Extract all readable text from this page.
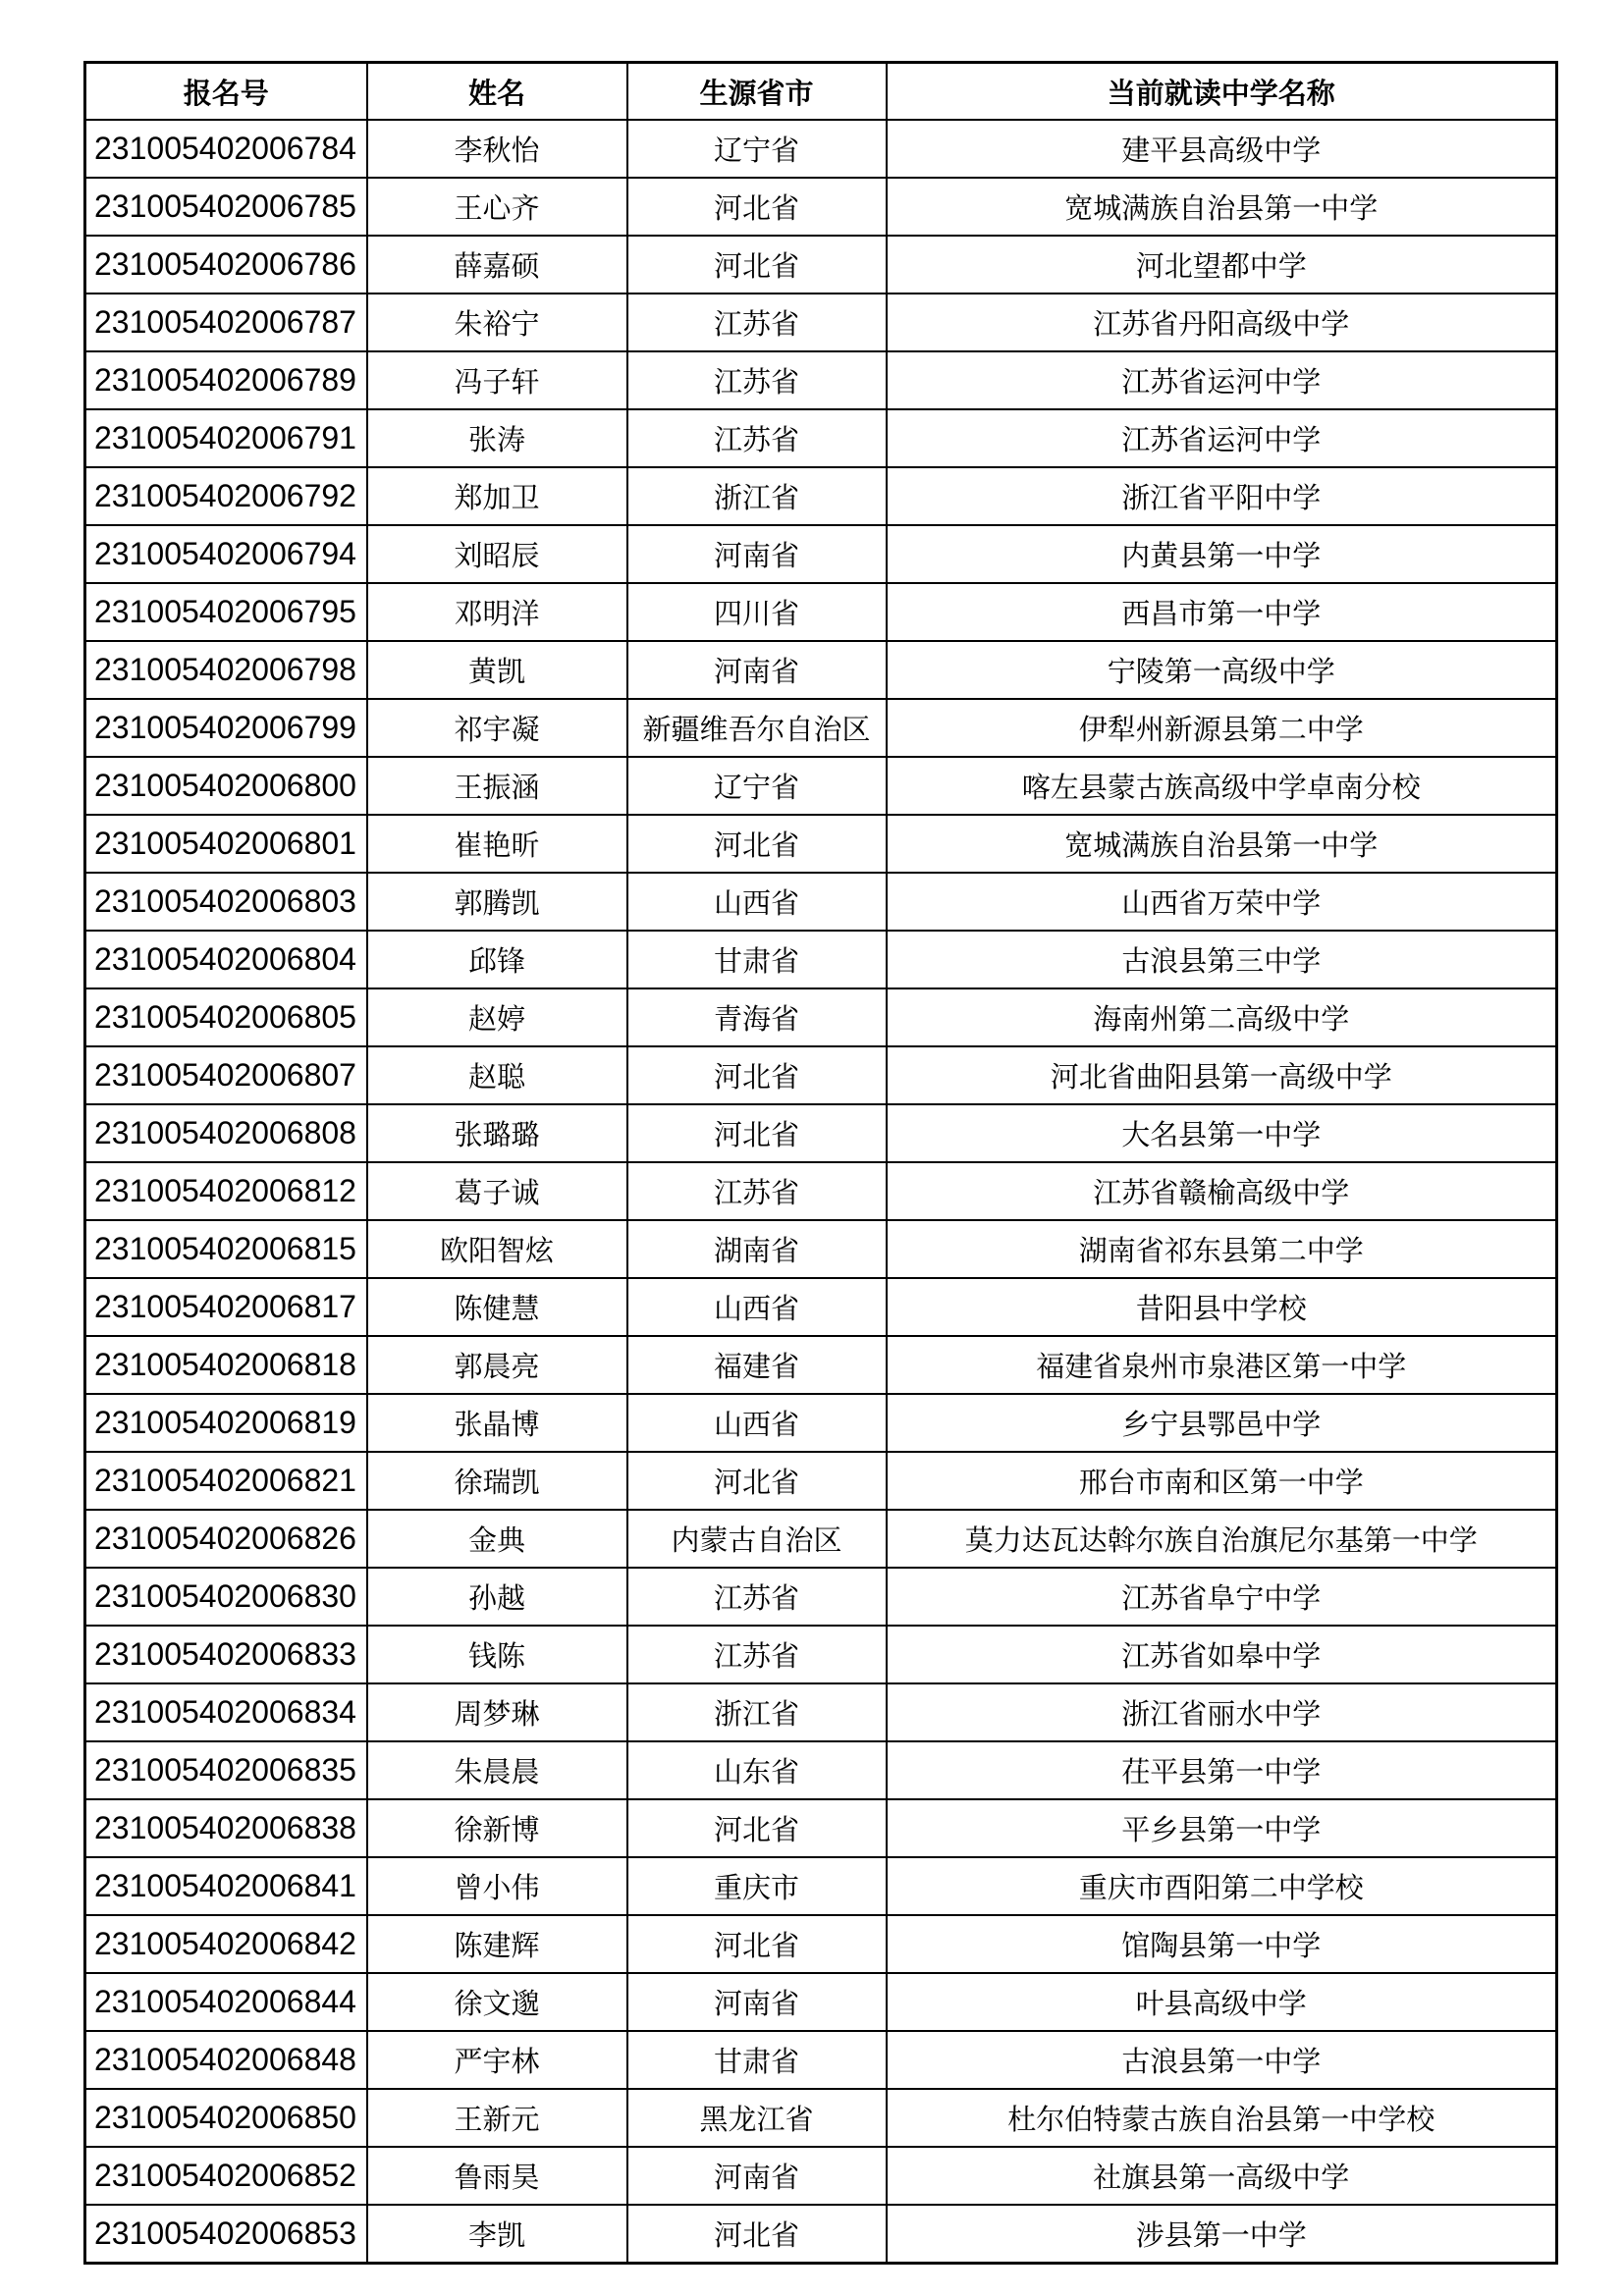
报名号	姓名	生源省市	当前就读中学名称
231005402006784	李秋怡	辽宁省	建平县高级中学
231005402006785	王心齐	河北省	宽城满族自治县第一中学
231005402006786	薛嘉硕	河北省	河北望都中学
231005402006787	朱裕宁	江苏省	江苏省丹阳高级中学
231005402006789	冯子轩	江苏省	江苏省运河中学
231005402006791	张涛	江苏省	江苏省运河中学
231005402006792	郑加卫	浙江省	浙江省平阳中学
231005402006794	刘昭辰	河南省	内黄县第一中学
231005402006795	邓明洋	四川省	西昌市第一中学
231005402006798	黄凯	河南省	宁陵第一高级中学
231005402006799	祁宇凝	新疆维吾尔自治区	伊犁州新源县第二中学
231005402006800	王振涵	辽宁省	喀左县蒙古族高级中学卓南分校
231005402006801	崔艳昕	河北省	宽城满族自治县第一中学
231005402006803	郭腾凯	山西省	山西省万荣中学
231005402006804	邱锋	甘肃省	古浪县第三中学
231005402006805	赵婷	青海省	海南州第二高级中学
231005402006807	赵聪	河北省	河北省曲阳县第一高级中学
231005402006808	张璐璐	河北省	大名县第一中学
231005402006812	葛子诚	江苏省	江苏省赣榆高级中学
231005402006815	欧阳智炫	湖南省	湖南省祁东县第二中学
231005402006817	陈健慧	山西省	昔阳县中学校
231005402006818	郭晨亮	福建省	福建省泉州市泉港区第一中学
231005402006819	张晶博	山西省	乡宁县鄂邑中学
231005402006821	徐瑞凯	河北省	邢台市南和区第一中学
231005402006826	金典	内蒙古自治区	莫力达瓦达斡尔族自治旗尼尔基第一中学
231005402006830	孙越	江苏省	江苏省阜宁中学
231005402006833	钱陈	江苏省	江苏省如皋中学
231005402006834	周梦琳	浙江省	浙江省丽水中学
231005402006835	朱晨晨	山东省	茌平县第一中学
231005402006838	徐新博	河北省	平乡县第一中学
231005402006841	曾小伟	重庆市	重庆市酉阳第二中学校
231005402006842	陈建辉	河北省	馆陶县第一中学
231005402006844	徐文邈	河南省	叶县高级中学
231005402006848	严宇林	甘肃省	古浪县第一中学
231005402006850	王新元	黑龙江省	杜尔伯特蒙古族自治县第一中学校
231005402006852	鲁雨昊	河南省	社旗县第一高级中学
231005402006853	李凯	河北省	涉县第一中学
